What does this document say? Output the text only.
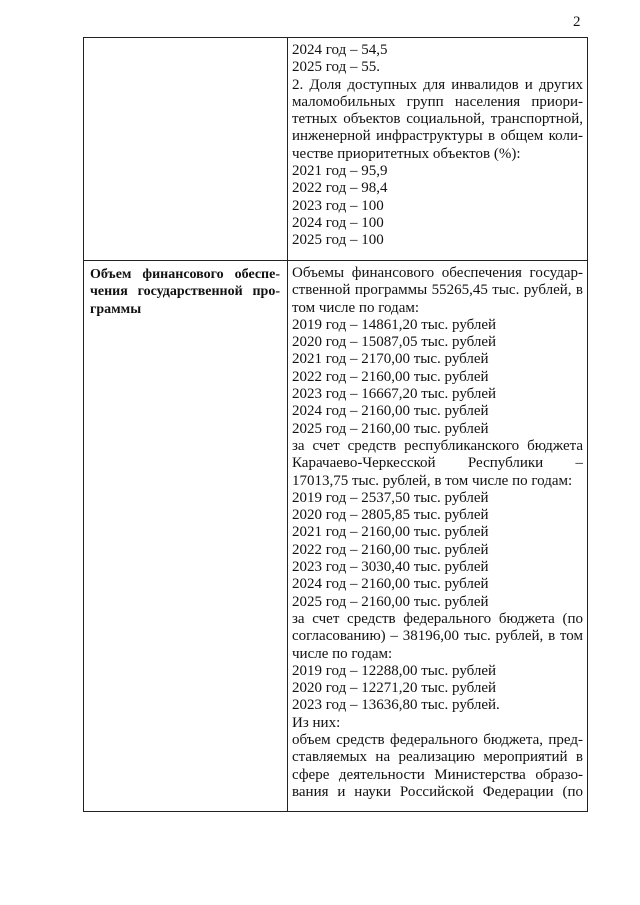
2
2024 год – 54,5
2025 год – 55.
2. Доля доступных для инвалидов и других
маломобильных групп населения приори-
тетных объектов социальной, транспортной,
инженерной инфраструктуры в общем коли-
честве приоритетных объектов (%):
2021 год – 95,9
2022 год – 98,4
2023 год – 100
2024 год – 100
2025 год – 100
Объем финансового обеспе-
чения государственной про-
граммы
Объемы финансового обеспечения государ-
ственной программы 55265,45 тыс. рублей, в
том числе по годам:
2019 год – 14861,20 тыс. рублей
2020 год – 15087,05 тыс. рублей
2021 год – 2170,00 тыс. рублей
2022 год – 2160,00 тыс. рублей
2023 год – 16667,20 тыс. рублей
2024 год – 2160,00 тыс. рублей
2025 год – 2160,00 тыс. рублей
за счет средств республиканского бюджета
Карачаево-Черкесской Республики –
17013,75 тыс. рублей, в том числе по годам:
2019 год – 2537,50 тыс. рублей
2020 год – 2805,85 тыс. рублей
2021 год – 2160,00 тыс. рублей
2022 год – 2160,00 тыс. рублей
2023 год – 3030,40 тыс. рублей
2024 год – 2160,00 тыс. рублей
2025 год – 2160,00 тыс. рублей
за счет средств федерального бюджета (по
согласованию) – 38196,00 тыс. рублей, в том
числе по годам:
2019 год – 12288,00 тыс. рублей
2020 год – 12271,20 тыс. рублей
2023 год – 13636,80 тыс. рублей.
Из них:
объем средств федерального бюджета, пред-
ставляемых на реализацию мероприятий в
сфере деятельности Министерства образо-
вания и науки Российской Федерации (по
